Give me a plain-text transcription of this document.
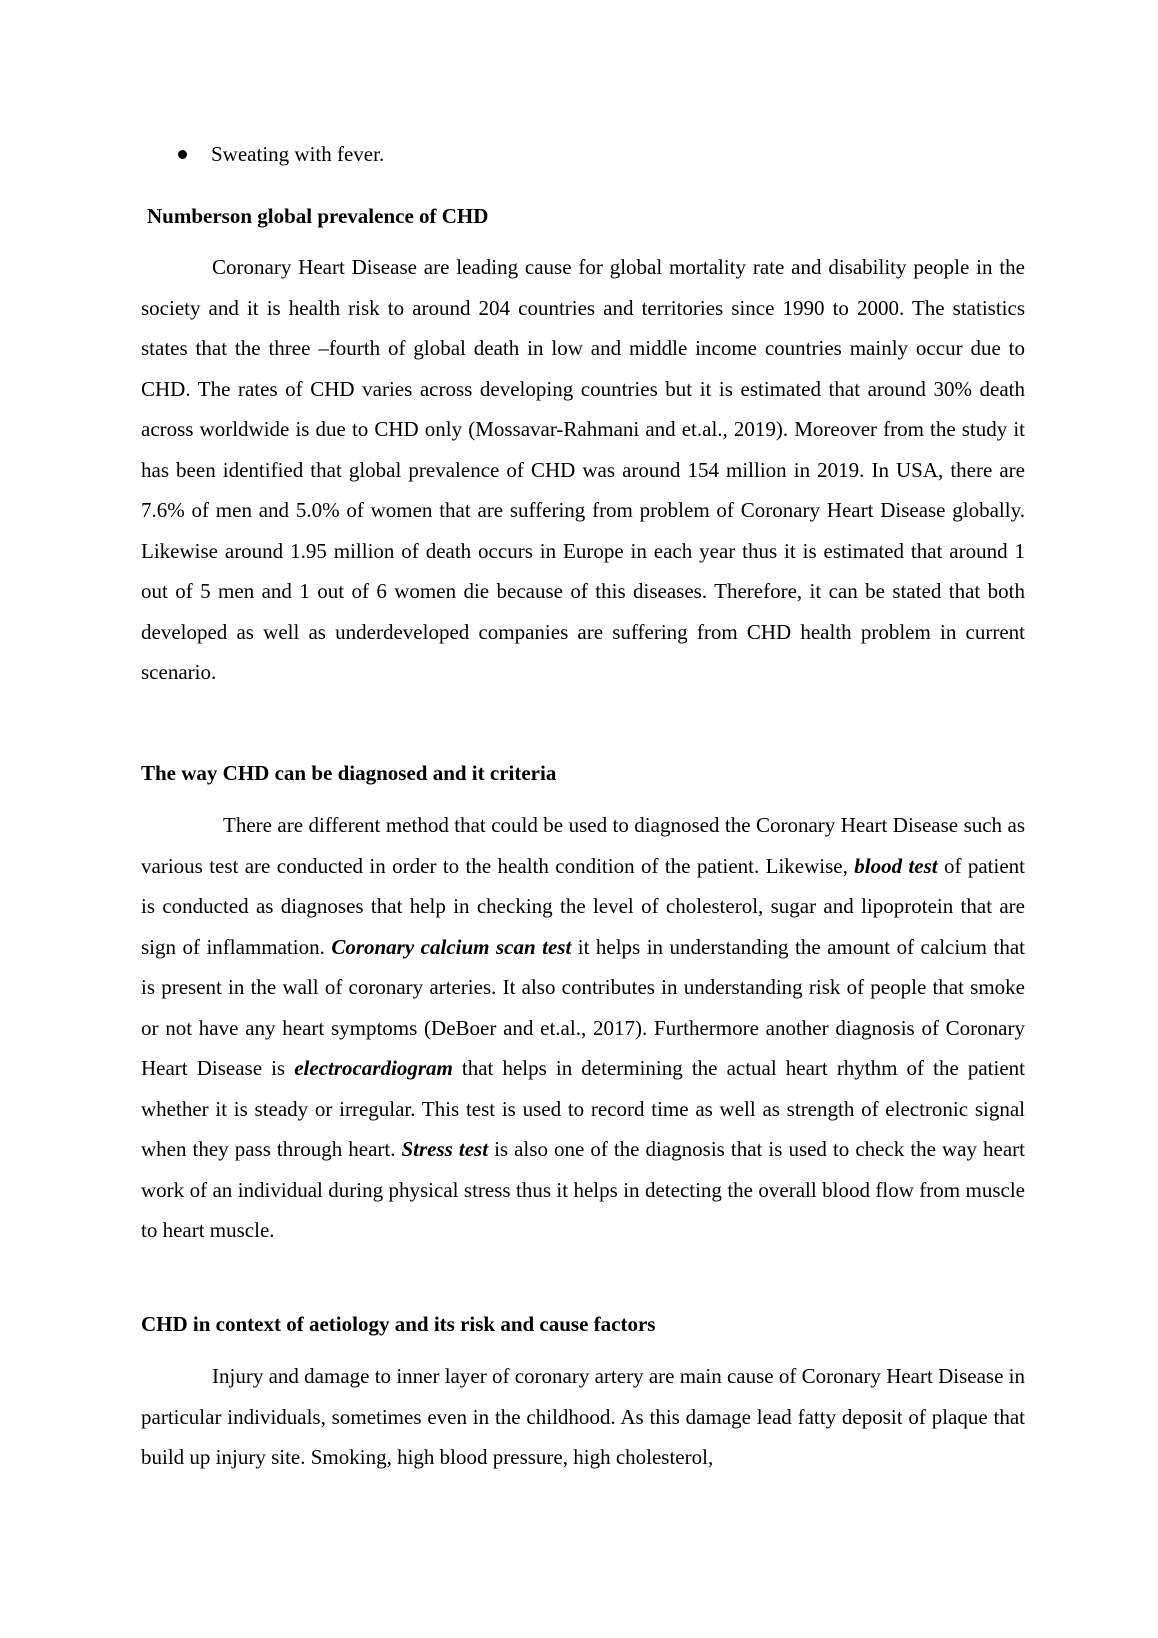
Sweating with fever.
Numberson global prevalence of CHD
Coronary Heart Disease are leading cause for global mortality rate and disability people in the society and it is health risk to around 204 countries and territories since 1990 to 2000. The statistics states that the three –fourth of global death in low and middle income countries mainly occur due to CHD. The rates of CHD varies across developing countries but it is estimated that around 30% death across worldwide is due to CHD only (Mossavar-Rahmani and et.al., 2019). Moreover from the study it has been identified that global prevalence of CHD was around 154 million in 2019. In USA, there are 7.6% of men and 5.0% of women that are suffering from problem of Coronary Heart Disease globally. Likewise around 1.95 million of death occurs in Europe in each year thus it is estimated that around 1 out of 5 men and 1 out of 6 women die because of this diseases. Therefore, it can be stated that both developed as well as underdeveloped companies are suffering from CHD health problem in current scenario.
The way CHD can be diagnosed and it criteria
There are different method that could be used to diagnosed the Coronary Heart Disease such as various test are conducted in order to the health condition of the patient. Likewise, blood test of patient is conducted as diagnoses that help in checking the level of cholesterol, sugar and lipoprotein that are sign of inflammation. Coronary calcium scan test it helps in understanding the amount of calcium that is present in the wall of coronary arteries. It also contributes in understanding risk of people that smoke or not have any heart symptoms (DeBoer and et.al., 2017). Furthermore another diagnosis of Coronary Heart Disease is electrocardiogram that helps in determining the actual heart rhythm of the patient whether it is steady or irregular. This test is used to record time as well as strength of electronic signal when they pass through heart. Stress test is also one of the diagnosis that is used to check the way heart work of an individual during physical stress thus it helps in detecting the overall blood flow from muscle to heart muscle.
CHD in context of aetiology and its risk and cause factors
Injury and damage to inner layer of coronary artery are main cause of Coronary Heart Disease in particular individuals, sometimes even in the childhood. As this damage lead fatty deposit of plaque that build up injury site. Smoking, high blood pressure, high cholesterol,
